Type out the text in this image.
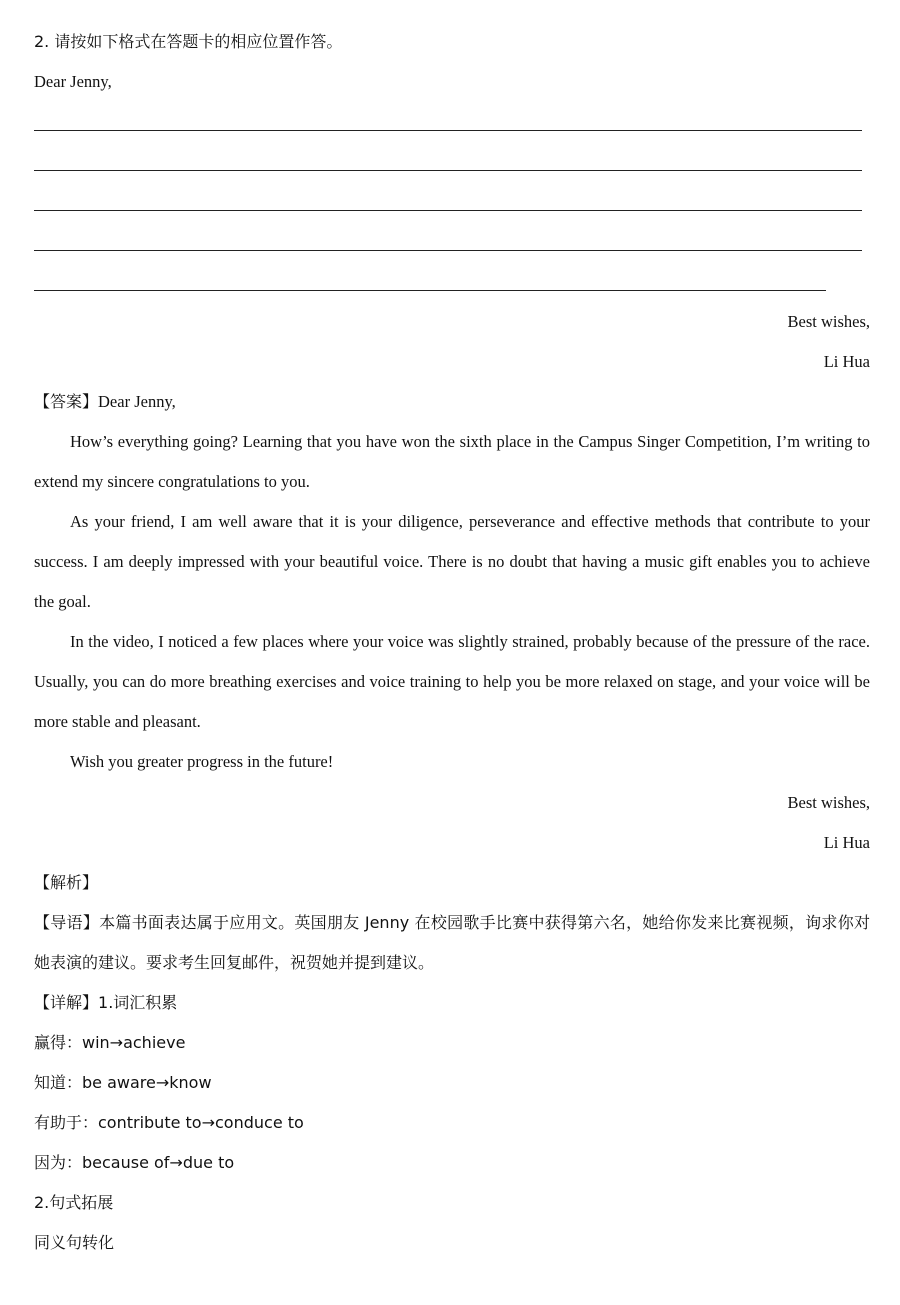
2. 请按如下格式在答题卡的相应位置作答。
Dear Jenny,
Best wishes,
Li Hua
【答案】Dear Jenny,
How’s everything going? Learning that you have won the sixth place in the Campus Singer Competition, I’m writing to extend my sincere congratulations to you.
As your friend, I am well aware that it is your diligence, perseverance and effective methods that contribute to your success. I am deeply impressed with your beautiful voice. There is no doubt that having a music gift enables you to achieve the goal.
In the video, I noticed a few places where your voice was slightly strained, probably because of the pressure of the race. Usually, you can do more breathing exercises and voice training to help you be more relaxed on stage, and your voice will be more stable and pleasant.
Wish you greater progress in the future!
Best wishes,
Li Hua
【解析】
【导语】本篇书面表达属于应用文。英国朋友 Jenny 在校园歌手比赛中获得第六名，她给你发来比赛视频，询求你对她表演的建议。要求考生回复邮件，祝贺她并提到建议。
【详解】1.词汇积累
赢得：win→achieve
知道：be aware→know
有助于：contribute to→conduce to
因为：because of→due to
2.句式拓展
同义句转化
